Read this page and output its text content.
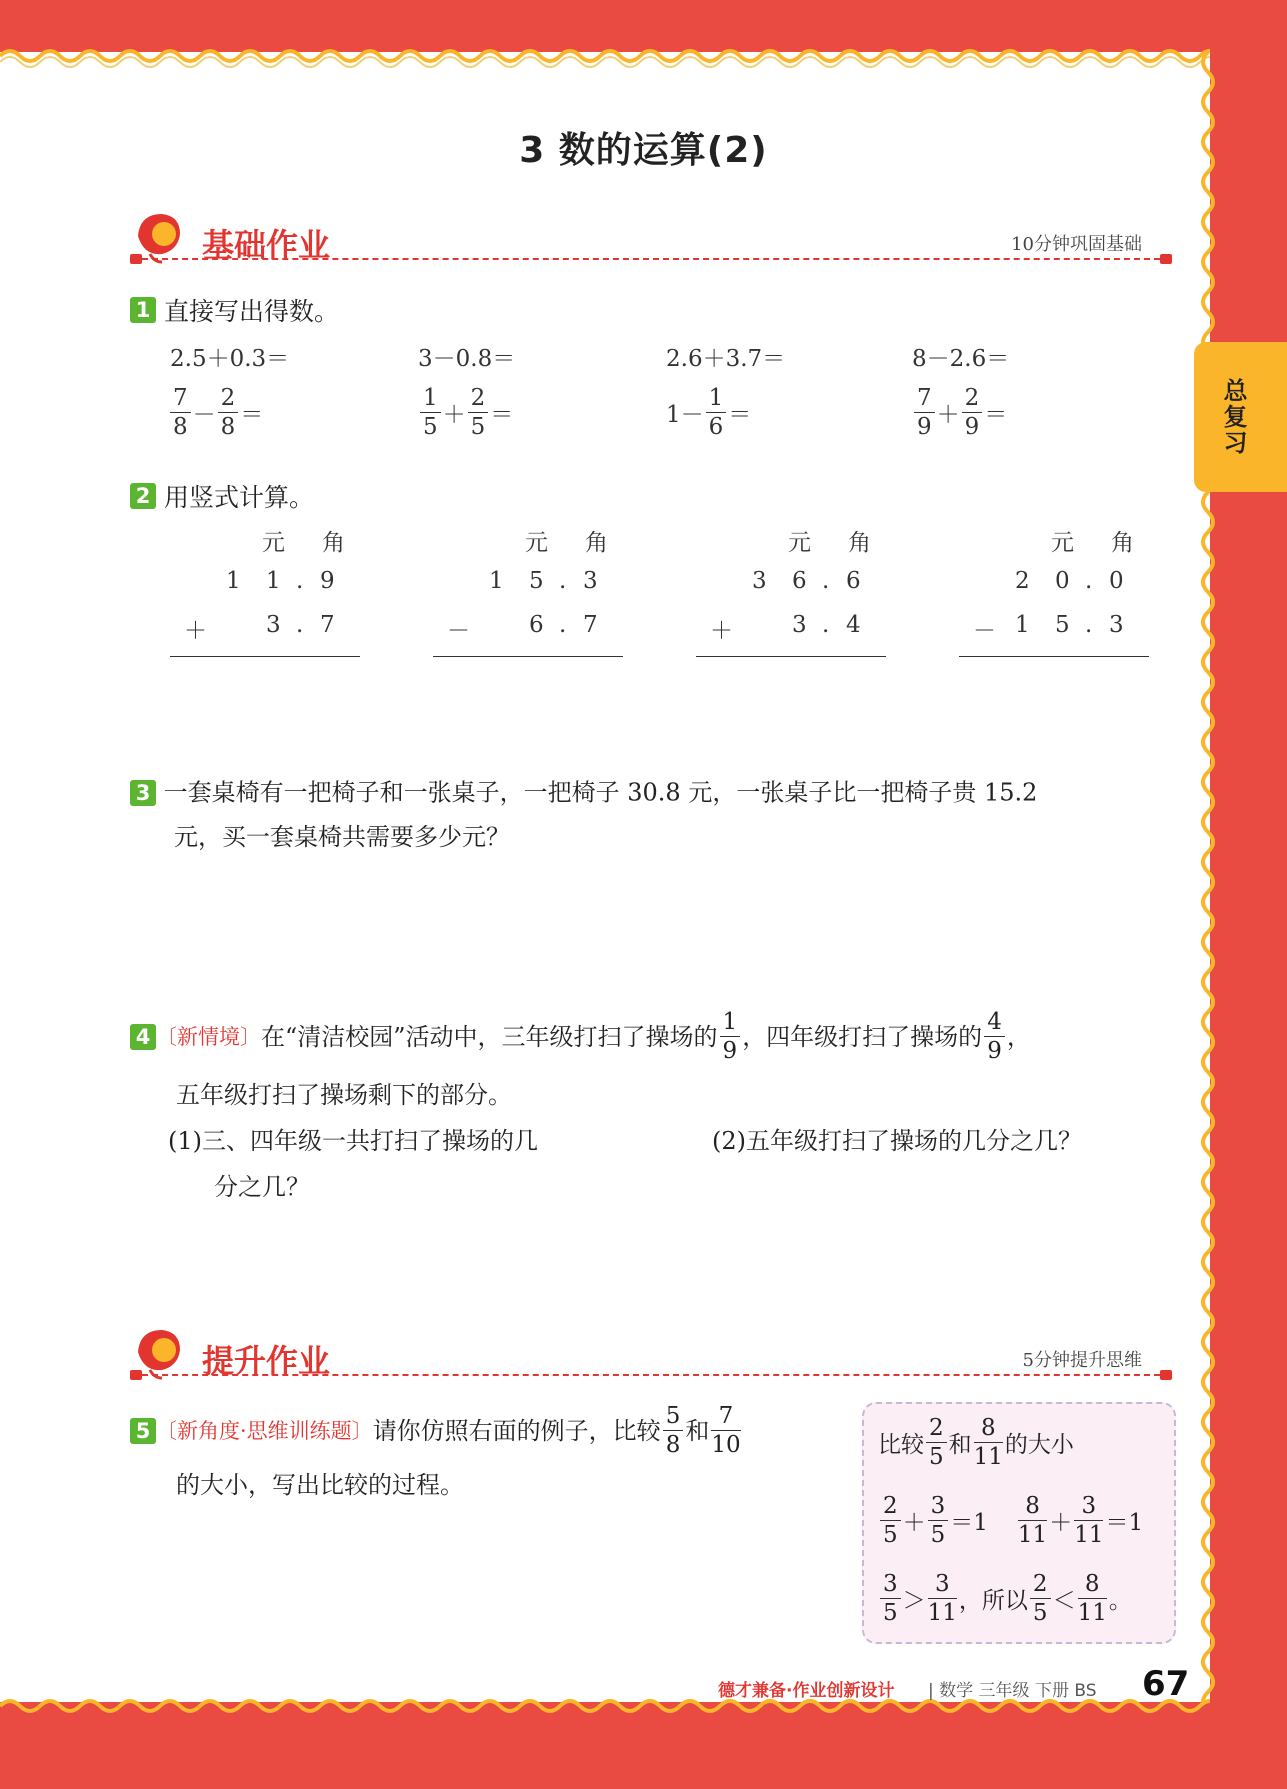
3 数的运算(2)
总复习
基础作业	10分钟巩固基础
1 直接写出得数。
2.5＋0.3＝	3－0.8＝	2.6＋3.7＝	8－2.6＝
$\frac{7}{8} - \frac{2}{8}$ ＝	$\frac{1}{5} + \frac{2}{5}$ ＝	$1- \frac{1}{6}$ ＝	$\frac{7}{9} + \frac{2}{9}$ ＝
2 用竖式计算。
元 角
1 1 . 9
＋	3 . 7
元 角
1 5 . 3
－	6 . 7
元 角
3 6 . 6
＋	3 . 4
元 角
2 0 . 0
－ 1 5 . 3
3 一套桌椅有一把椅子和一张桌子，一把椅子 30.8 元，一张桌子比一把椅子贵 15.2
元，买一套桌椅共需要多少元？
4 〔新情境〕 在“清洁校园”活动中，三年级打扫了操场的 $\frac{1}{9}$ ，四年级打扫了操场的 $\frac{4}{9}$ ，
五年级打扫了操场剩下的部分。
(1)三、四年级一共打扫了操场的几
分之几？
(2)五年级打扫了操场的几分之几？
提升作业	5分钟提升思维
5 〔新角度·思维训练题〕 请你仿照右面的例子，比较 $\frac{5}{8}$ 和 $\frac{7}{10}$
的大小，写出比较的过程。
比较 $\frac{2}{5}$ 和 $\frac{8}{11}$ 的大小
$\frac{2}{5} + \frac{3}{5} =1 \frac{8}{11} + \frac{3}{11} =1$
$\frac{3}{5} > \frac{3}{11}$ ，所以 $\frac{2}{5} < \frac{8}{11}$ 。
德才兼备·作业创新设计 | 数学 三年级 下册 BS 67
